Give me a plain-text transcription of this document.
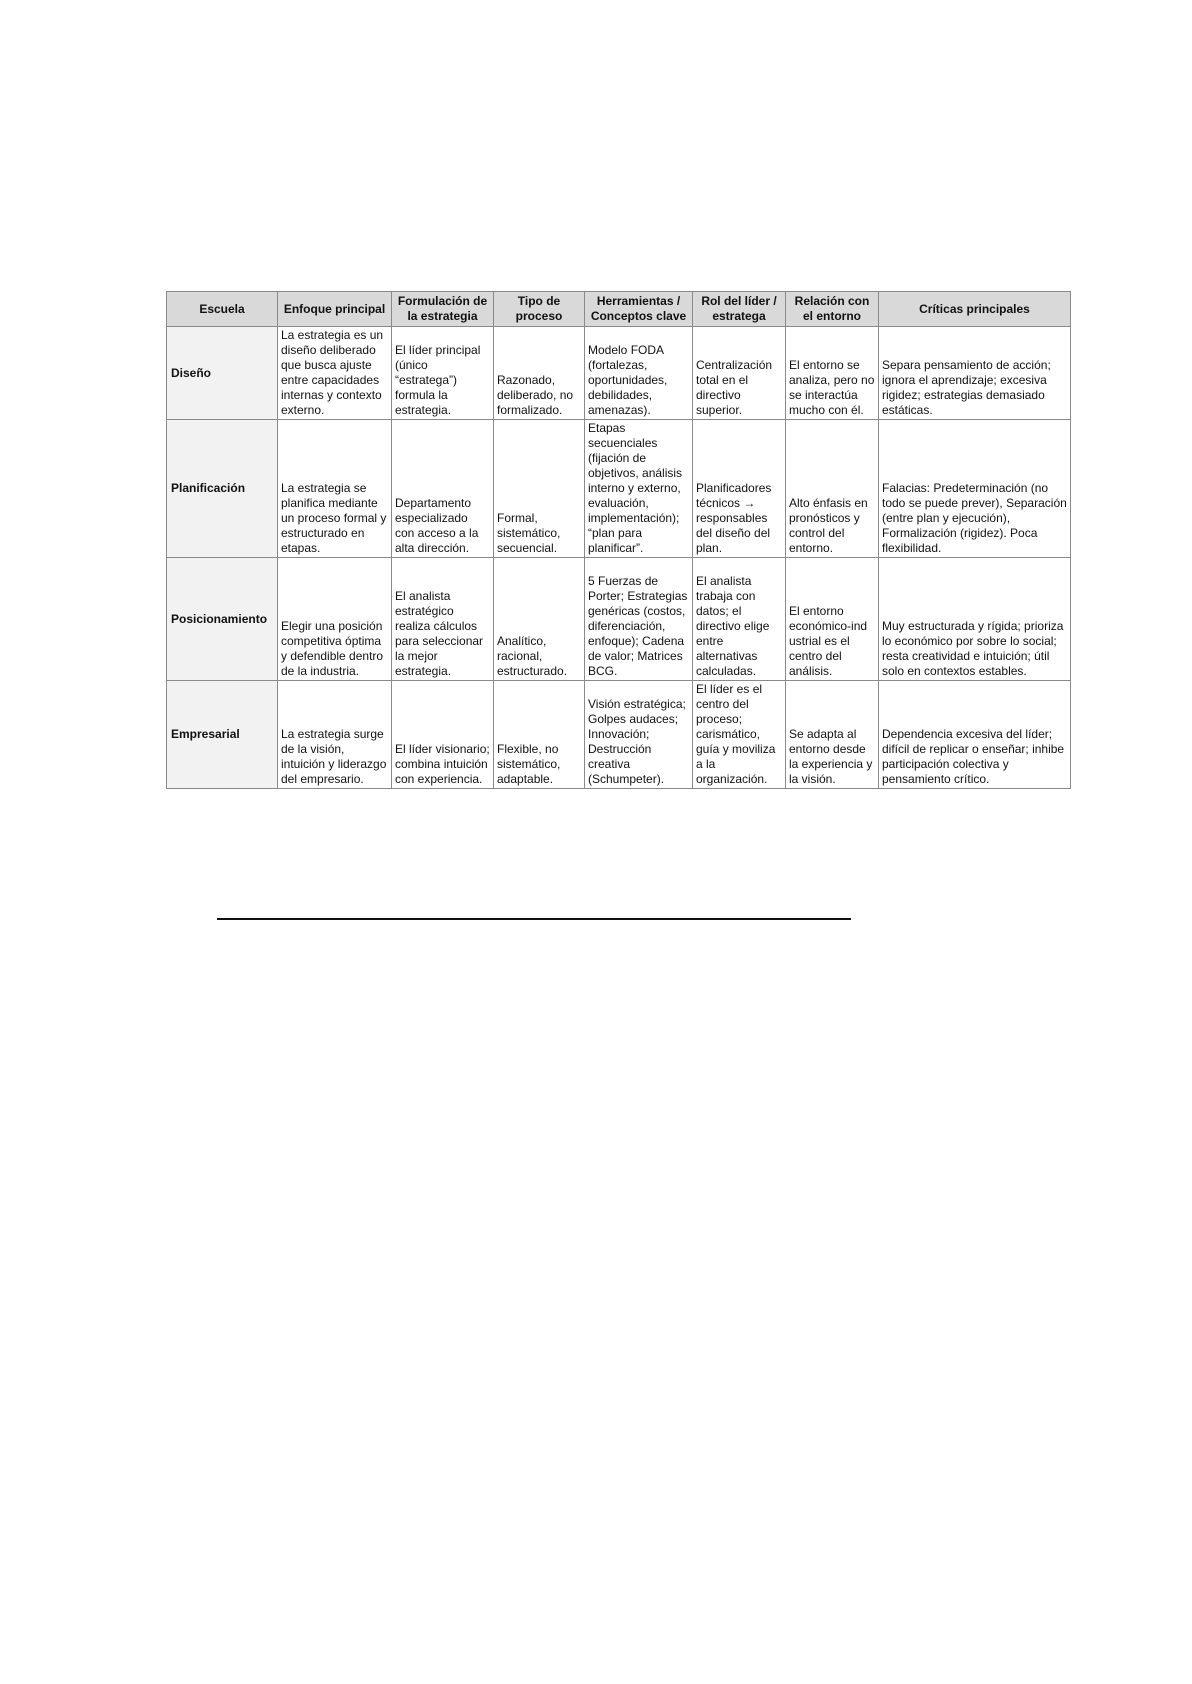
Escuela	Enfoque principal	Formulación de la estrategia	Tipo de proceso	Herramientas / Conceptos clave	Rol del líder / estratega	Relación con el entorno	Críticas principales
Diseño	La estrategia es un diseño deliberado que busca ajuste entre capacidades internas y contexto externo.	El líder principal (único “estratega”) formula la estrategia.	Razonado, deliberado, no formalizado.	Modelo FODA (fortalezas, oportunidades, debilidades, amenazas).	Centralización total en el directivo superior.	El entorno se analiza, pero no se interactúa mucho con él.	Separa pensamiento de acción; ignora el aprendizaje; excesiva rigidez; estrategias demasiado estáticas.
Planificación	La estrategia se planifica mediante un proceso formal y estructurado en etapas.	Departamento especializado con acceso a la alta dirección.	Formal, sistemático, secuencial.	Etapas secuenciales (fijación de objetivos, análisis interno y externo, evaluación, implementación); “plan para planificar”.	Planificadores técnicos → responsables del diseño del plan.	Alto énfasis en pronósticos y control del entorno.	Falacias: Predeterminación (no todo se puede prever), Separación (entre plan y ejecución), Formalización (rigidez). Poca flexibilidad.
Posicionamiento	Elegir una posición competitiva óptima y defendible dentro de la industria.	El analista estratégico realiza cálculos para seleccionar la mejor estrategia.	Analítico, racional, estructurado.	5 Fuerzas de Porter; Estrategias genéricas (costos, diferenciación, enfoque); Cadena de valor; Matrices BCG.	El analista trabaja con datos; el directivo elige entre alternativas calculadas.	El entorno económico-ind ustrial es el centro del análisis.	Muy estructurada y rígida; prioriza lo económico por sobre lo social; resta creatividad e intuición; útil solo en contextos estables.
Empresarial	La estrategia surge de la visión, intuición y liderazgo del empresario.	El líder visionario; combina intuición con experiencia.	Flexible, no sistemático, adaptable.	Visión estratégica; Golpes audaces; Innovación; Destrucción creativa (Schumpeter).	El líder es el centro del proceso; carismático, guía y moviliza a la organización.	Se adapta al entorno desde la experiencia y la visión.	Dependencia excesiva del líder; difícil de replicar o enseñar; inhibe participación colectiva y pensamiento crítico.
